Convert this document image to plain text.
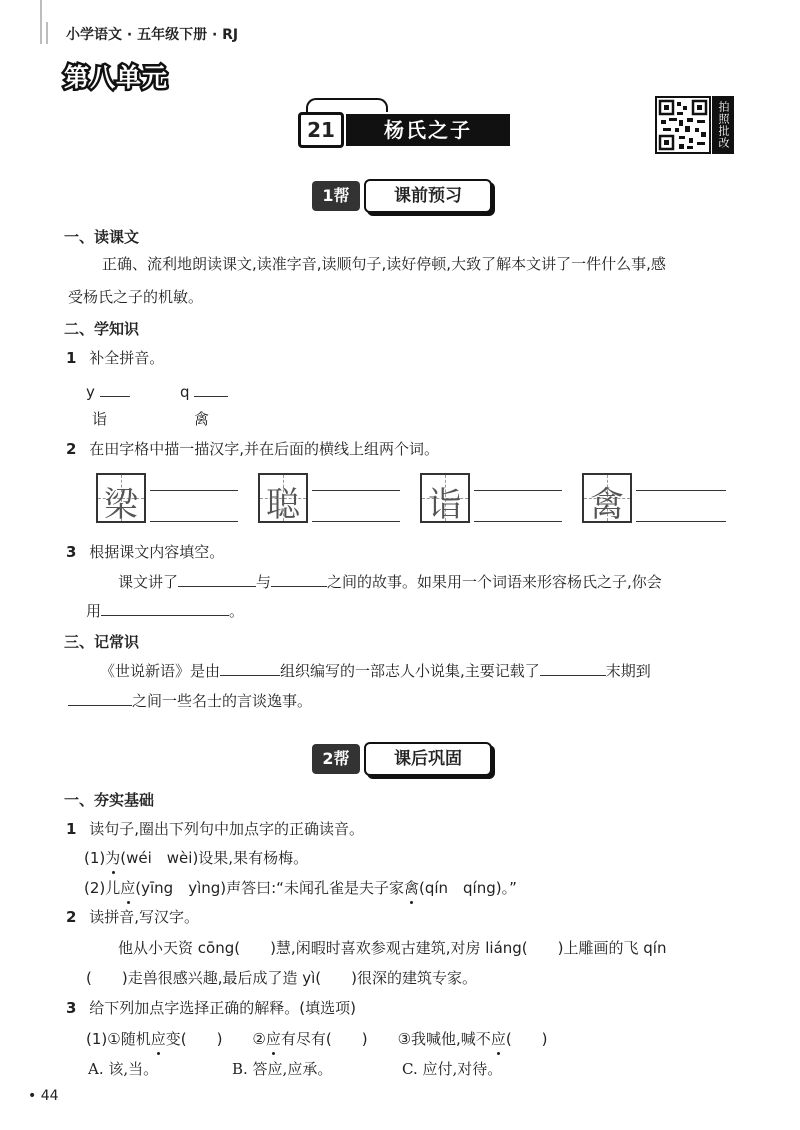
小学语文 · 五年级下册 · RJ
第八单元
21	杨氏之子	拍照批改
1帮	课前预习
一、读课文
正确、流利地朗读课文,读准字音,读顺句子,读好停顿,大致了解本文讲了一件什么事,感
受杨氏之子的机敏。
二、学知识
1 补全拼音。
y	q
诣	禽
2 在田字格中描一描汉字,并在后面的横线上组两个词。
梁	聪	诣	禽
3 根据课文内容填空。
课文讲了	与	之间的故事。如果用一个词语来形容杨氏之子,你会
用	。
三、记常识
《世说新语》是由	组织编写的一部志人小说集,主要记载了	末期到
之间一些名士的言谈逸事。
2帮	课后巩固
一、夯实基础
1 读句子,圈出下列句中加点字的正确读音。
(1)为(wéi　wèi)设果,果有杨梅。
(2)儿应(yīng　yìng)声答曰:“未闻孔雀是夫子家禽(qín　qíng)。”
2 读拼音,写汉字。
他从小天资 cōng(　　)慧,闲暇时喜欢参观古建筑,对房 liáng(　　)上雕画的飞 qín
(　　)走兽很感兴趣,最后成了造 yì(　　)很深的建筑专家。
3 给下列加点字选择正确的解释。(填选项)
(1)①随机应变(　　)　　②应有尽有(　　)　　③我喊他,喊不应(　　)
A. 该,当。	B. 答应,应承。	C. 应付,对待。
• 44
